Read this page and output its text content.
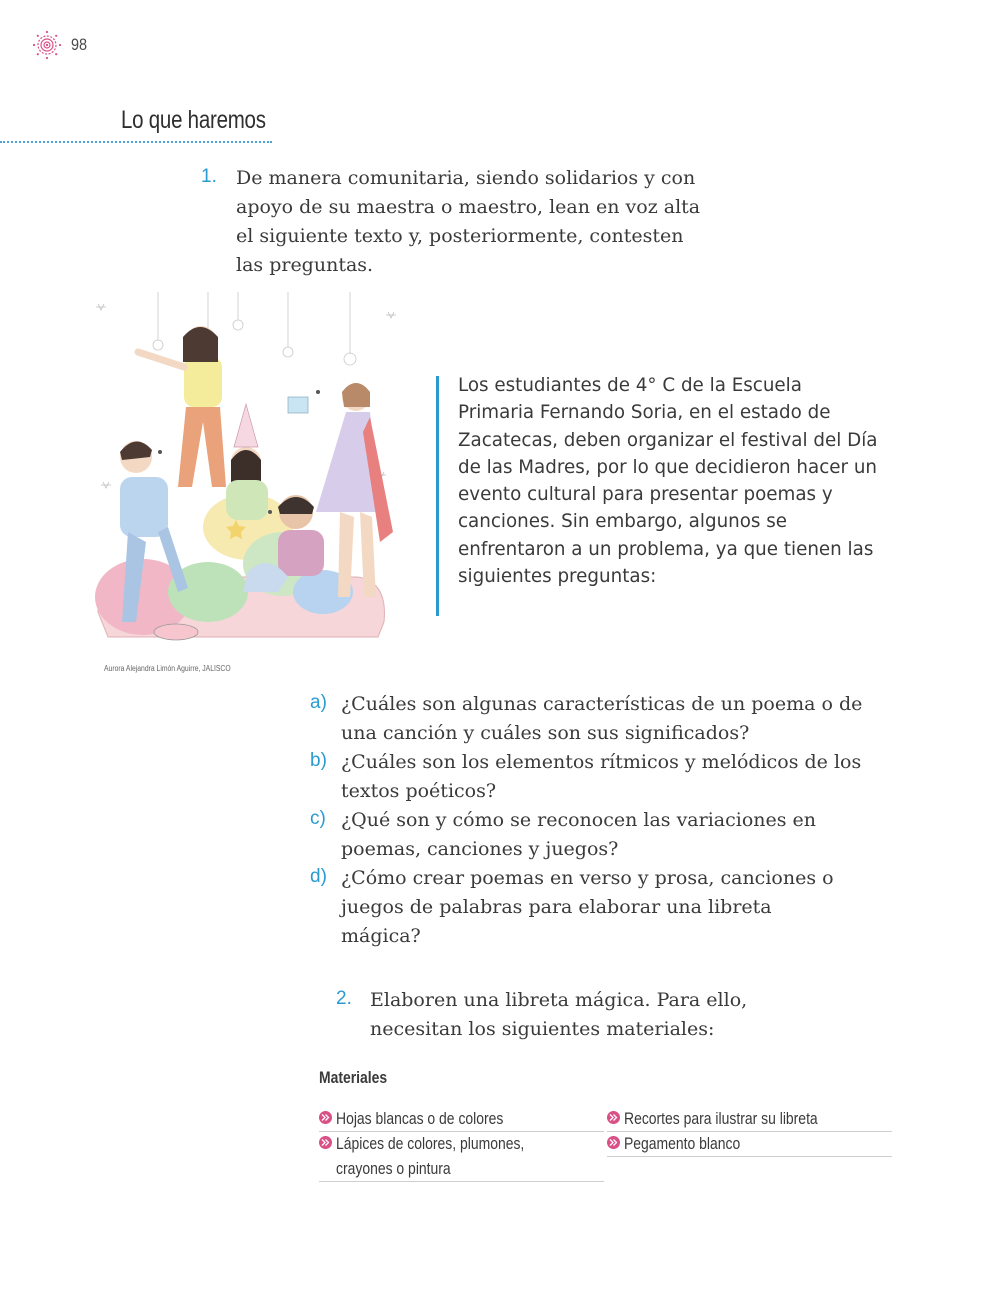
98
Lo que haremos
1. De manera comunitaria, siendo solidarios y con apoyo de su maestra o maestro, lean en voz alta el siguiente texto y, posteriormente, contesten las preguntas.
Aurora Alejandra Limón Aguirre, JALISCO
Los estudiantes de 4° C de la Escuela Primaria Fernando Soria, en el estado de Zacatecas, deben organizar el festival del Día de las Madres, por lo que decidieron hacer un evento cultural para presentar poemas y canciones. Sin embargo, algunos se enfrentaron a un problema, ya que tienen las siguientes preguntas:
a) ¿Cuáles son algunas características de un poema o de una canción y cuáles son sus significados?
b) ¿Cuáles son los elementos rítmicos y melódicos de los textos poéticos?
c) ¿Qué son y cómo se reconocen las variaciones en poemas, canciones y juegos?
d) ¿Cómo crear poemas en verso y prosa, canciones o juegos de palabras para elaborar una libreta mágica?
2. Elaboren una libreta mágica. Para ello, necesitan los siguientes materiales:
Materiales
Hojas blancas o de colores
Lápices de colores, plumones,
crayones o pintura
Recortes para ilustrar su libreta
Pegamento blanco
